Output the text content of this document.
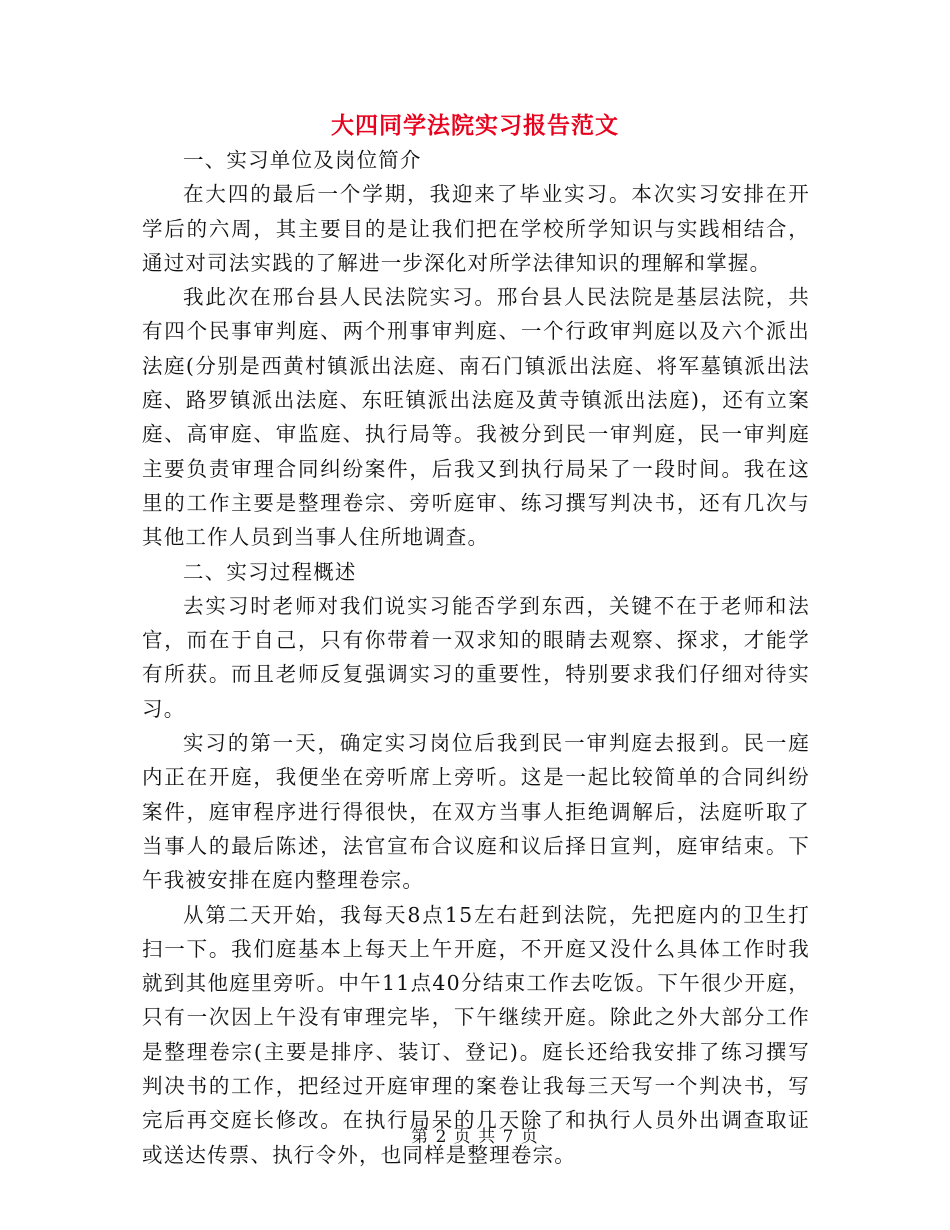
大四同学法院实习报告范文

一、实习单位及岗位简介

在大四的最后一个学期，我迎来了毕业实习。本次实习安排在开学后的六周，其主要目的是让我们把在学校所学知识与实践相结合，通过对司法实践的了解进一步深化对所学法律知识的理解和掌握。

我此次在邢台县人民法院实习。邢台县人民法院是基层法院，共有四个民事审判庭、两个刑事审判庭、一个行政审判庭以及六个派出法庭(分别是西黄村镇派出法庭、南石门镇派出法庭、将军墓镇派出法庭、路罗镇派出法庭、东旺镇派出法庭及黄寺镇派出法庭)，还有立案庭、高审庭、审监庭、执行局等。我被分到民一审判庭，民一审判庭主要负责审理合同纠纷案件，后我又到执行局呆了一段时间。我在这里的工作主要是整理卷宗、旁听庭审、练习撰写判决书，还有几次与其他工作人员到当事人住所地调查。

二、实习过程概述

去实习时老师对我们说实习能否学到东西，关键不在于老师和法官，而在于自己，只有你带着一双求知的眼睛去观察、探求，才能学有所获。而且老师反复强调实习的重要性，特别要求我们仔细对待实习。

实习的第一天，确定实习岗位后我到民一审判庭去报到。民一庭内正在开庭，我便坐在旁听席上旁听。这是一起比较简单的合同纠纷案件，庭审程序进行得很快，在双方当事人拒绝调解后，法庭听取了当事人的最后陈述，法官宣布合议庭和议后择日宣判，庭审结束。下午我被安排在庭内整理卷宗。

从第二天开始，我每天8点15左右赶到法院，先把庭内的卫生打扫一下。我们庭基本上每天上午开庭，不开庭又没什么具体工作时我就到其他庭里旁听。中午11点40分结束工作去吃饭。下午很少开庭，只有一次因上午没有审理完毕，下午继续开庭。除此之外大部分工作是整理卷宗(主要是排序、装订、登记)。庭长还给我安排了练习撰写判决书的工作，把经过开庭审理的案卷让我每三天写一个判决书，写完后再交庭长修改。在执行局呆的几天除了和执行人员外出调查取证或送达传票、执行令外，也同样是整理卷宗。

第 2 页 共 7 页
